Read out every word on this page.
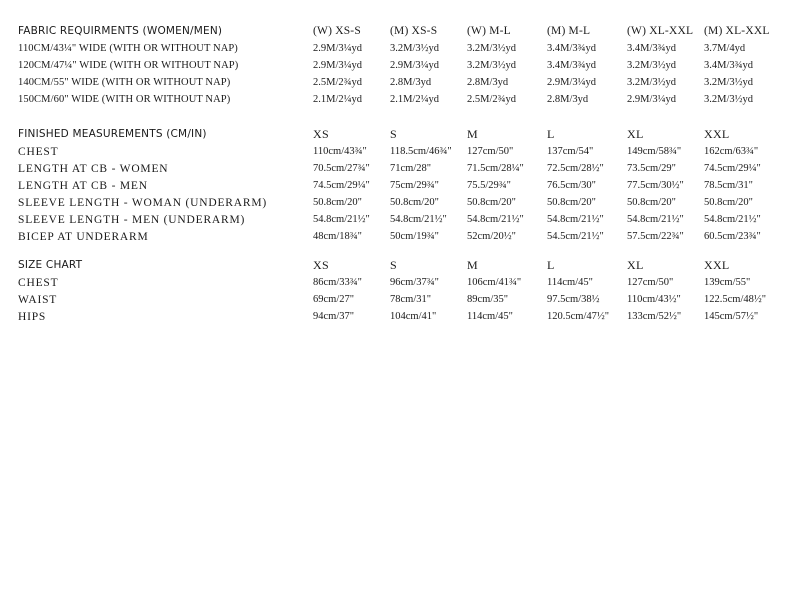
FABRIC REQUIRMENTS (WOMEN/MEN)	(W) XS-S	(M) XS-S	(W) M-L	(M) M-L	(W) XL-XXL	(M) XL-XXL
110CM/43¼" WIDE (WITH OR WITHOUT NAP)	2.9M/3¼yd	3.2M/3½yd	3.2M/3½yd	3.4M/3¾yd	3.4M/3¾yd	3.7M/4yd
120CM/47¼" WIDE (WITH OR WITHOUT NAP)	2.9M/3¼yd	2.9M/3¼yd	3.2M/3½yd	3.4M/3¾yd	3.2M/3½yd	3.4M/3¾yd
140CM/55" WIDE (WITH OR WITHOUT NAP)	2.5M/2¾yd	2.8M/3yd	2.8M/3yd	2.9M/3¼yd	3.2M/3½yd	3.2M/3½yd
150CM/60" WIDE (WITH OR WITHOUT NAP)	2.1M/2¼yd	2.1M/2¼yd	2.5M/2¾yd	2.8M/3yd	2.9M/3¼yd	3.2M/3½yd
FINISHED MEASUREMENTS (CM/IN)	XS	S	M	L	XL	XXL
CHEST	110cm/43¾"	118.5cm/46¾"	127cm/50"	137cm/54"	149cm/58¾"	162cm/63¾"
LENGTH AT CB - WOMEN	70.5cm/27¾"	71cm/28"	71.5cm/28¼"	72.5cm/28½"	73.5cm/29"	74.5cm/29¼"
LENGTH AT CB - MEN	74.5cm/29¼"	75cm/29¾"	75.5/29¾"	76.5cm/30"	77.5cm/30½"	78.5cm/31"
SLEEVE LENGTH - WOMAN (UNDERARM)	50.8cm/20"	50.8cm/20"	50.8cm/20"	50.8cm/20"	50.8cm/20"	50.8cm/20"
SLEEVE LENGTH - MEN (UNDERARM)	54.8cm/21½"	54.8cm/21½"	54.8cm/21½"	54.8cm/21½"	54.8cm/21½"	54.8cm/21½"
BICEP AT UNDERARM	48cm/18¾"	50cm/19¾"	52cm/20½"	54.5cm/21½"	57.5cm/22¾"	60.5cm/23¾"
SIZE CHART	XS	S	M	L	XL	XXL
CHEST	86cm/33¾"	96cm/37¾"	106cm/41¾"	114cm/45"	127cm/50"	139cm/55"
WAIST	69cm/27"	78cm/31"	89cm/35"	97.5cm/38½	110cm/43½"	122.5cm/48½"
HIPS	94cm/37"	104cm/41"	114cm/45"	120.5cm/47½"	133cm/52½"	145cm/57½"
